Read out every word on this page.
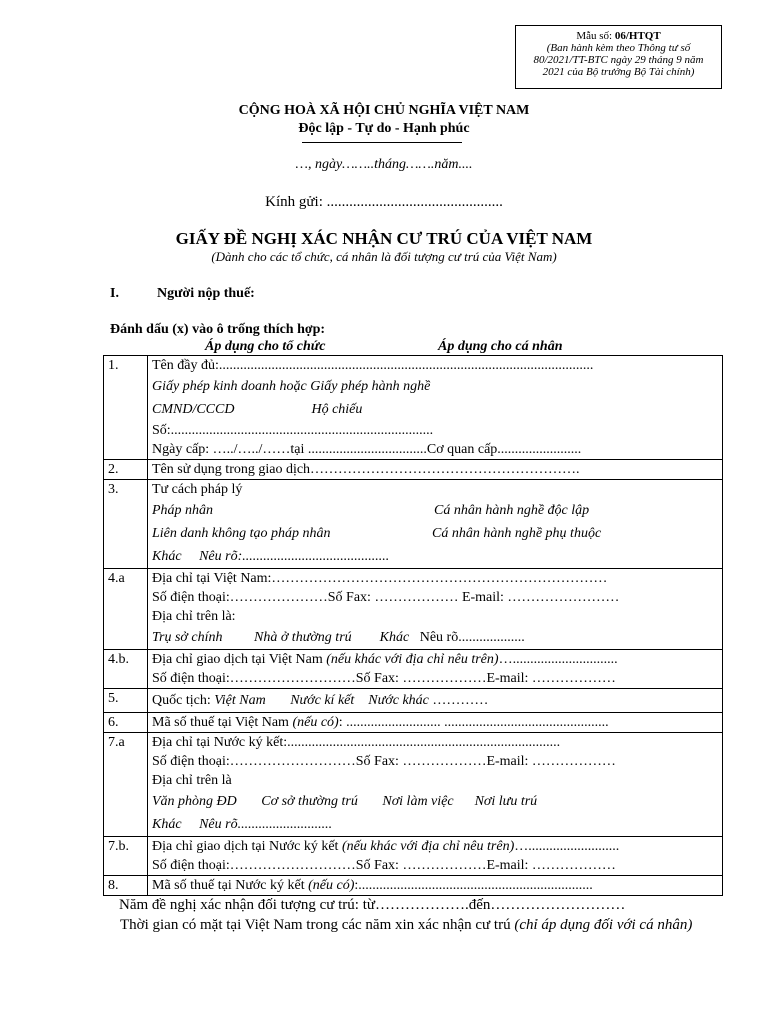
Mẫu số: 06/HTQT
(Ban hành kèm theo Thông tư số
80/2021/TT-BTC ngày 29 tháng 9 năm
2021 của Bộ trưởng Bộ Tài chính)
CỘNG HOÀ XÃ HỘI CHỦ NGHĨA VIỆT NAM
Độc lập - Tự do - Hạnh phúc
…, ngày……..tháng…….năm....
Kính gửi: ...............................................
GIẤY ĐỀ NGHỊ XÁC NHẬN CƯ TRÚ CỦA VIỆT NAM
(Dành cho các tổ chức, cá nhân là đối tượng cư trú của Việt Nam)
I.	Người nộp thuế:
Đánh dấu (x) vào ô trống thích hợp:
Áp dụng cho tổ chức	Áp dụng cho cá nhân
1.	Tên đầy đủ:...........................................................................................................
Giấy phép kinh doanh hoặc Giấy phép hành nghề
CMND/CCCD Hộ chiếu
Số:...........................................................................
Ngày cấp: …../…../……tại ..................................Cơ quan cấp........................

2.	Tên sử dụng trong giao dịch………………………………………………….

3.	Tư cách pháp lý
Pháp nhân Cá nhân hành nghề độc lập
Liên danh không tạo pháp nhân Cá nhân hành nghề phụ thuộc
Khác Nêu rõ:..........................................

4.a	Địa chỉ tại Việt Nam:………………………………………………………………
Số điện thoại:…………………Số Fax: ……………… E-mail: ……………………
Địa chỉ trên là:
Trụ sở chính Nhà ở thường trú Khác Nêu rõ...................

4.b.	Địa chỉ giao dịch tại Việt Nam (nếu khác với địa chỉ nêu trên)…..............................
Số điện thoại:………………………Số Fax: ………………E-mail: ………………

5.	Quốc tịch: Việt Nam Nước kí kết Nước khác …………

6.	Mã số thuế tại Việt Nam (nếu có): ........................... ...............................................

7.a	Địa chỉ tại Nước ký kết:..............................................................................
Số điện thoại:………………………Số Fax: ………………E-mail: ………………
Địa chỉ trên là
Văn phòng ĐD Cơ sở thường trú Nơi làm việc Nơi lưu trú
Khác Nêu rõ...........................

7.b.	Địa chỉ giao dịch tại Nước ký kết (nếu khác với địa chỉ nêu trên)…..........................
Số điện thoại:………………………Số Fax: ………………E-mail: ………………

8.	Mã số thuế tại Nước ký kết (nếu có):...................................................................
Năm đề nghị xác nhận đối tượng cư trú: từ……………….đến………………………
Thời gian có mặt tại Việt Nam trong các năm xin xác nhận cư trú (chỉ áp dụng đối với cá nhân)
